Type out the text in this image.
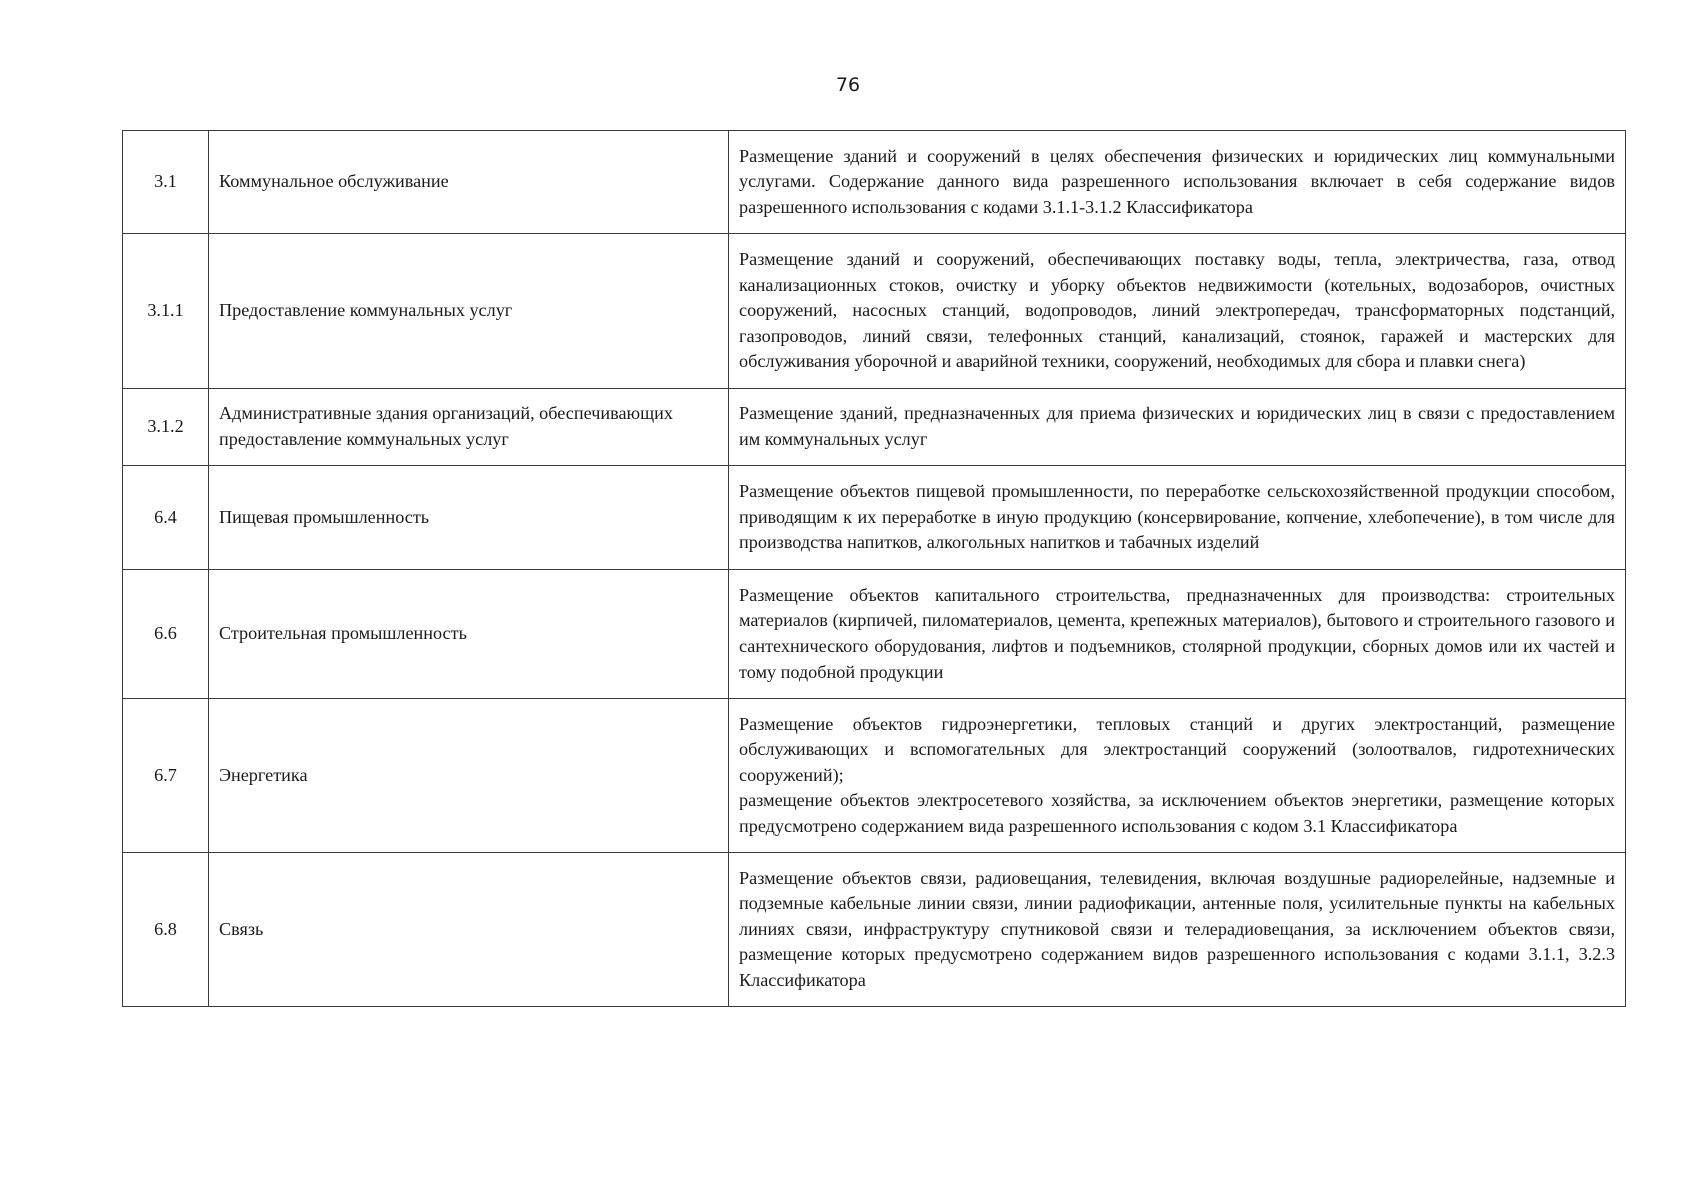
76
3.1	Коммунальное обслуживание	Размещение зданий и сооружений в целях обеспечения физических и юридических лиц коммунальными услугами. Содержание данного вида разрешенного использования включает в себя содержание видов разрешенного использования с кодами 3.1.1-3.1.2 Классификатора

3.1.1	Предоставление коммунальных услуг	Размещение зданий и сооружений, обеспечивающих поставку воды, тепла, электричества, газа, отвод канализационных стоков, очистку и уборку объектов недвижимости (котельных, водозаборов, очистных сооружений, насосных станций, водопроводов, линий электропередач, трансформаторных подстанций, газопроводов, линий связи, телефонных станций, канализаций, стоянок, гаражей и мастерских для обслуживания уборочной и аварийной техники, сооружений, необходимых для сбора и плавки снега)

3.1.2	Административные здания организаций, обеспечивающих предоставление коммунальных услуг	Размещение зданий, предназначенных для приема физических и юридических лиц в связи с предоставлением им коммунальных услуг

6.4	Пищевая промышленность	Размещение объектов пищевой промышленности, по переработке сельскохозяйственной продукции способом, приводящим к их переработке в иную продукцию (консервирование, копчение, хлебопечение), в том числе для производства напитков, алкогольных напитков и табачных изделий

6.6	Строительная промышленность	Размещение объектов капитального строительства, предназначенных для производства: строительных материалов (кирпичей, пиломатериалов, цемента, крепежных материалов), бытового и строительного газового и сантехнического оборудования, лифтов и подъемников, столярной продукции, сборных домов или их частей и тому подобной продукции

6.7	Энергетика	Размещение объектов гидроэнергетики, тепловых станций и других электростанций, размещение обслуживающих и вспомогательных для электростанций сооружений (золоотвалов, гидротехнических сооружений);

размещение объектов электросетевого хозяйства, за исключением объектов энергетики, размещение которых предусмотрено содержанием вида разрешенного использования с кодом 3.1 Классификатора

6.8	Связь	Размещение объектов связи, радиовещания, телевидения, включая воздушные радиорелейные, надземные и подземные кабельные линии связи, линии радиофикации, антенные поля, усилительные пункты на кабельных линиях связи, инфраструктуру спутниковой связи и телерадиовещания, за исключением объектов связи, размещение которых предусмотрено содержанием видов разрешенного использования с кодами 3.1.1, 3.2.3 Классификатора
